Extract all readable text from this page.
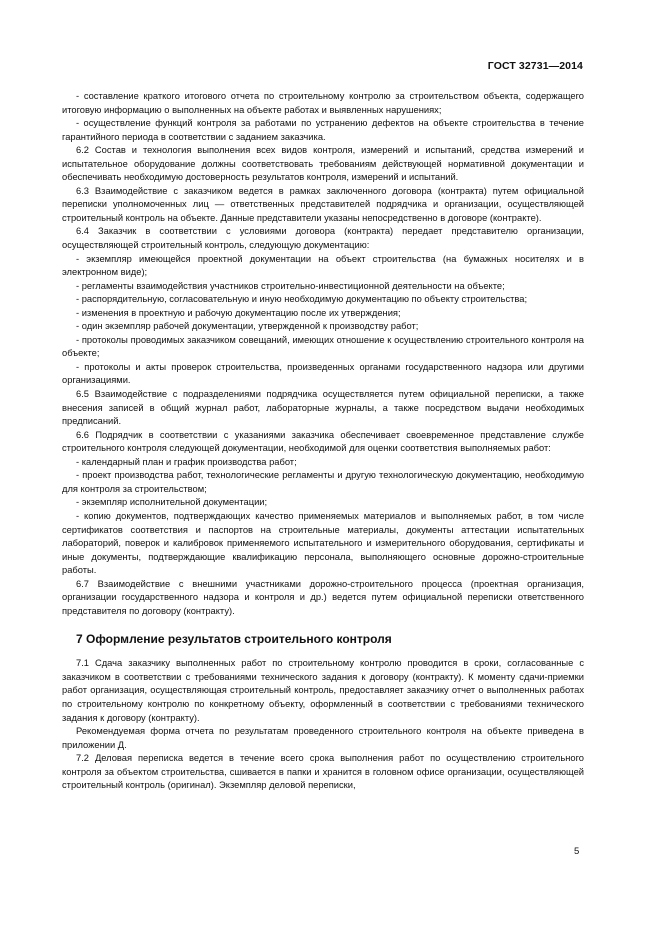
ГОСТ 32731—2014

- составление краткого итогового отчета по строительному контролю за строительством объекта, содержащего итоговую информацию о выполненных на объекте работах и выявленных нарушениях;

- осуществление функций контроля за работами по устранению дефектов на объекте строительства в течение гарантийного периода в соответствии с заданием заказчика.

6.2 Состав и технология выполнения всех видов контроля, измерений и испытаний, средства измерений и испытательное оборудование должны соответствовать требованиям действующей нормативной документации и обеспечивать необходимую достоверность результатов контроля, измерений и испытаний.

6.3 Взаимодействие с заказчиком ведется в рамках заключенного договора (контракта) путем официальной переписки уполномоченных лиц — ответственных представителей подрядчика и организации, осуществляющей строительный контроль на объекте. Данные представители указаны непосредственно в договоре (контракте).

6.4 Заказчик в соответствии с условиями договора (контракта) передает представителю организации, осуществляющей строительный контроль, следующую документацию:

- экземпляр имеющейся проектной документации на объект строительства (на бумажных носителях и в электронном виде);

- регламенты взаимодействия участников строительно-инвестиционной деятельности на объекте;

- распорядительную, согласовательную и иную необходимую документацию по объекту строительства;

- изменения в проектную и рабочую документацию после их утверждения;

- один экземпляр рабочей документации, утвержденной к производству работ;

- протоколы проводимых заказчиком совещаний, имеющих отношение к осуществлению строительного контроля на объекте;

- протоколы и акты проверок строительства, произведенных органами государственного надзора или другими организациями.

6.5 Взаимодействие с подразделениями подрядчика осуществляется путем официальной переписки, а также внесения записей в общий журнал работ, лабораторные журналы, а также посредством выдачи необходимых предписаний.

6.6 Подрядчик в соответствии с указаниями заказчика обеспечивает своевременное представление службе строительного контроля следующей документации, необходимой для оценки соответствия выполняемых работ:

- календарный план и график производства работ;

- проект производства работ, технологические регламенты и другую технологическую документацию, необходимую для контроля за строительством;

- экземпляр исполнительной документации;

- копию документов, подтверждающих качество применяемых материалов и выполняемых работ, в том числе сертификатов соответствия и паспортов на строительные материалы, документы аттестации испытательных лабораторий, поверок и калибровок применяемого испытательного и измерительного оборудования, сертификаты и иные документы, подтверждающие квалификацию персонала, выполняющего основные дорожно-строительные работы.

6.7 Взаимодействие с внешними участниками дорожно-строительного процесса (проектная организация, организации государственного надзора и контроля и др.) ведется путем официальной переписки ответственного представителя по договору (контракту).

7 Оформление результатов строительного контроля

7.1 Сдача заказчику выполненных работ по строительному контролю проводится в сроки, согласованные с заказчиком в соответствии с требованиями технического задания к договору (контракту). К моменту сдачи-приемки работ организация, осуществляющая строительный контроль, предоставляет заказчику отчет о выполненных работах по строительному контролю по конкретному объекту, оформленный в соответствии с требованиями технического задания к договору (контракту).

Рекомендуемая форма отчета по результатам проведенного строительного контроля на объекте приведена в приложении Д.

7.2 Деловая переписка ведется в течение всего срока выполнения работ по осуществлению строительного контроля за объектом строительства, сшивается в папки и хранится в головном офисе организации, осуществляющей строительный контроль (оригинал). Экземпляр деловой переписки,

5
